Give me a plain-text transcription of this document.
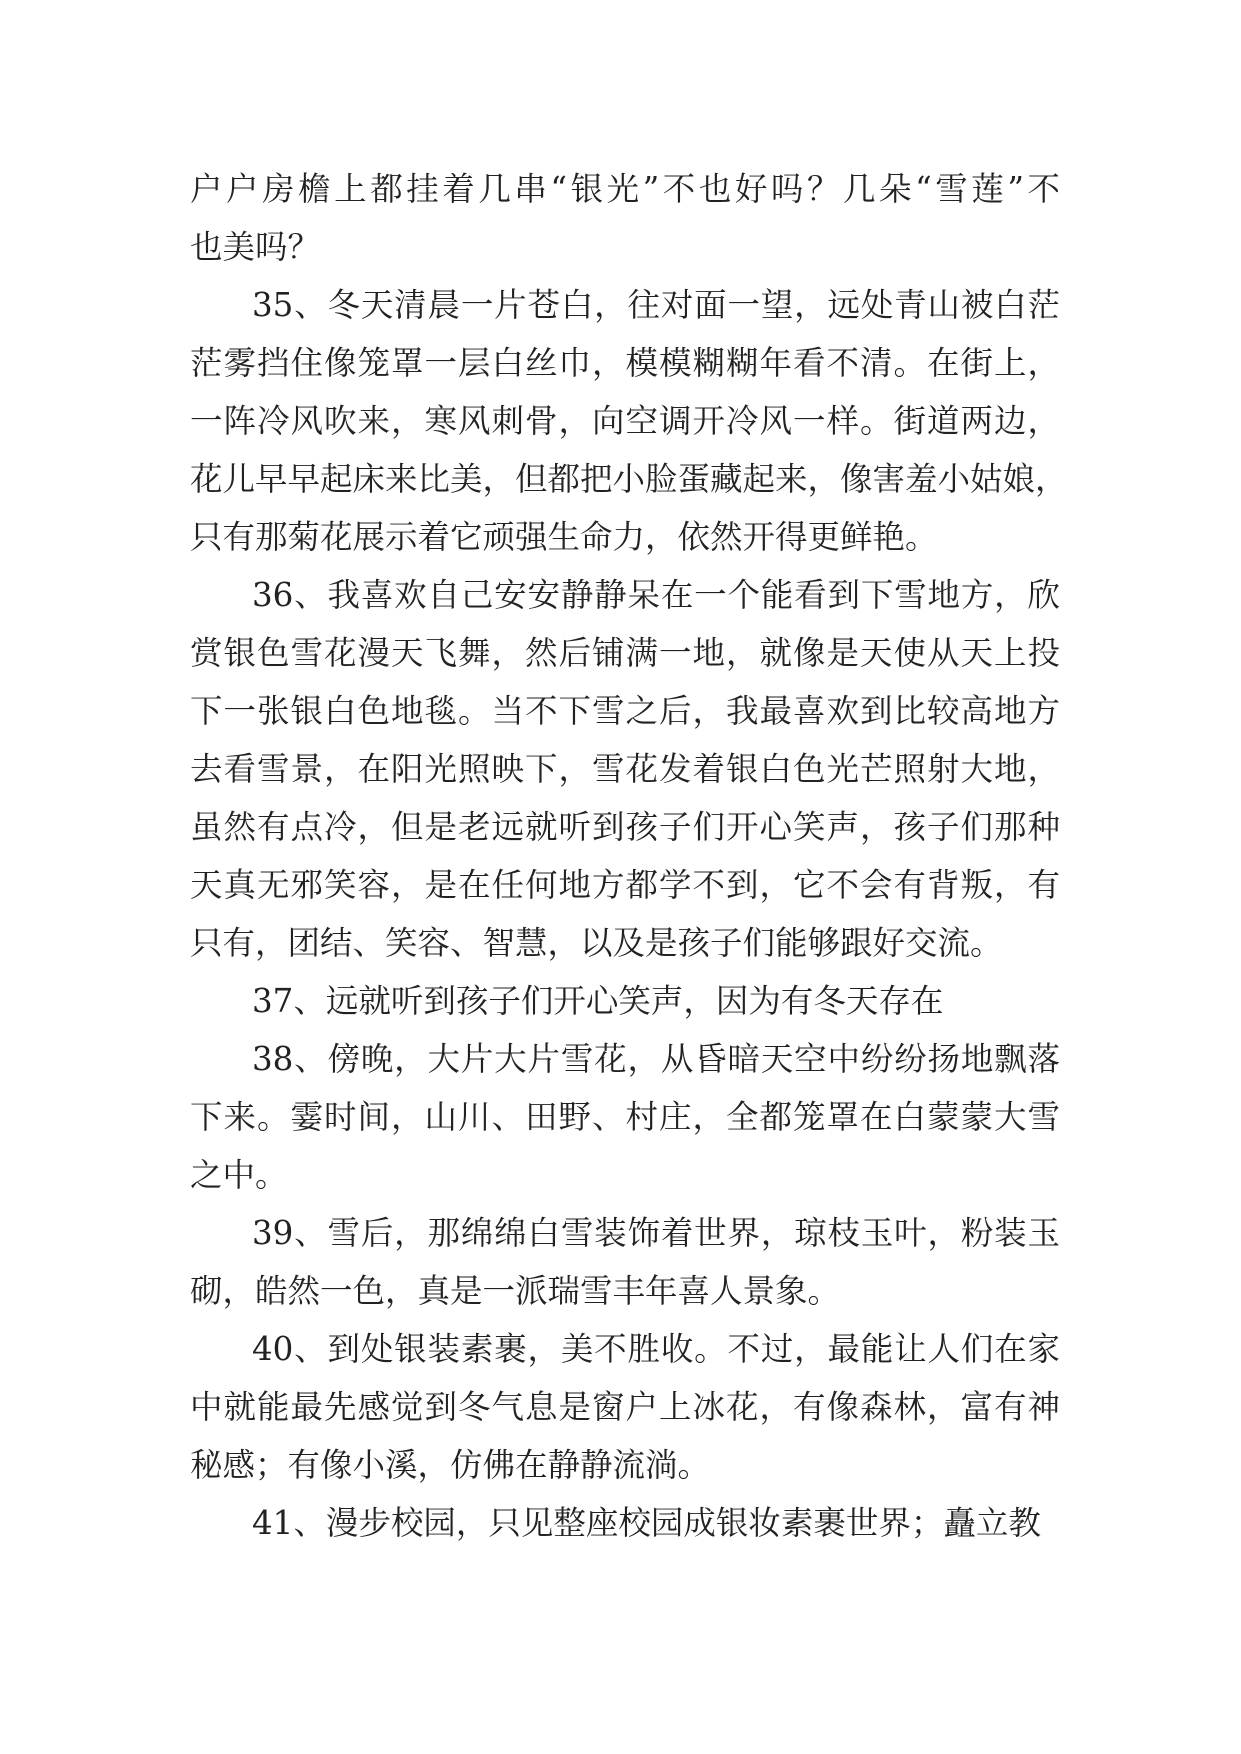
户户房檐上都挂着几串“银光”不也好吗？几朵“雪莲”不
也美吗？
35、冬天清晨一片苍白，往对面一望，远处青山被白茫
茫雾挡住像笼罩一层白丝巾，模模糊糊年看不清。在街上，
一阵冷风吹来，寒风刺骨，向空调开冷风一样。街道两边，
花儿早早起床来比美，但都把小脸蛋藏起来，像害羞小姑娘，
只有那菊花展示着它顽强生命力，依然开得更鲜艳。
36、我喜欢自己安安静静呆在一个能看到下雪地方，欣
赏银色雪花漫天飞舞，然后铺满一地，就像是天使从天上投
下一张银白色地毯。当不下雪之后，我最喜欢到比较高地方
去看雪景，在阳光照映下，雪花发着银白色光芒照射大地，
虽然有点冷，但是老远就听到孩子们开心笑声，孩子们那种
天真无邪笑容，是在任何地方都学不到，它不会有背叛，有
只有，团结、笑容、智慧，以及是孩子们能够跟好交流。
37、远就听到孩子们开心笑声，因为有冬天存在
38、傍晚，大片大片雪花，从昏暗天空中纷纷扬地飘落
下来。霎时间，山川、田野、村庄，全都笼罩在白蒙蒙大雪
之中。
39、雪后，那绵绵白雪装饰着世界，琼枝玉叶，粉装玉
砌，皓然一色，真是一派瑞雪丰年喜人景象。
40、到处银装素裹，美不胜收。不过，最能让人们在家
中就能最先感觉到冬气息是窗户上冰花，有像森林，富有神
秘感；有像小溪，仿佛在静静流淌。
41、漫步校园，只见整座校园成银妆素裹世界；矗立教
